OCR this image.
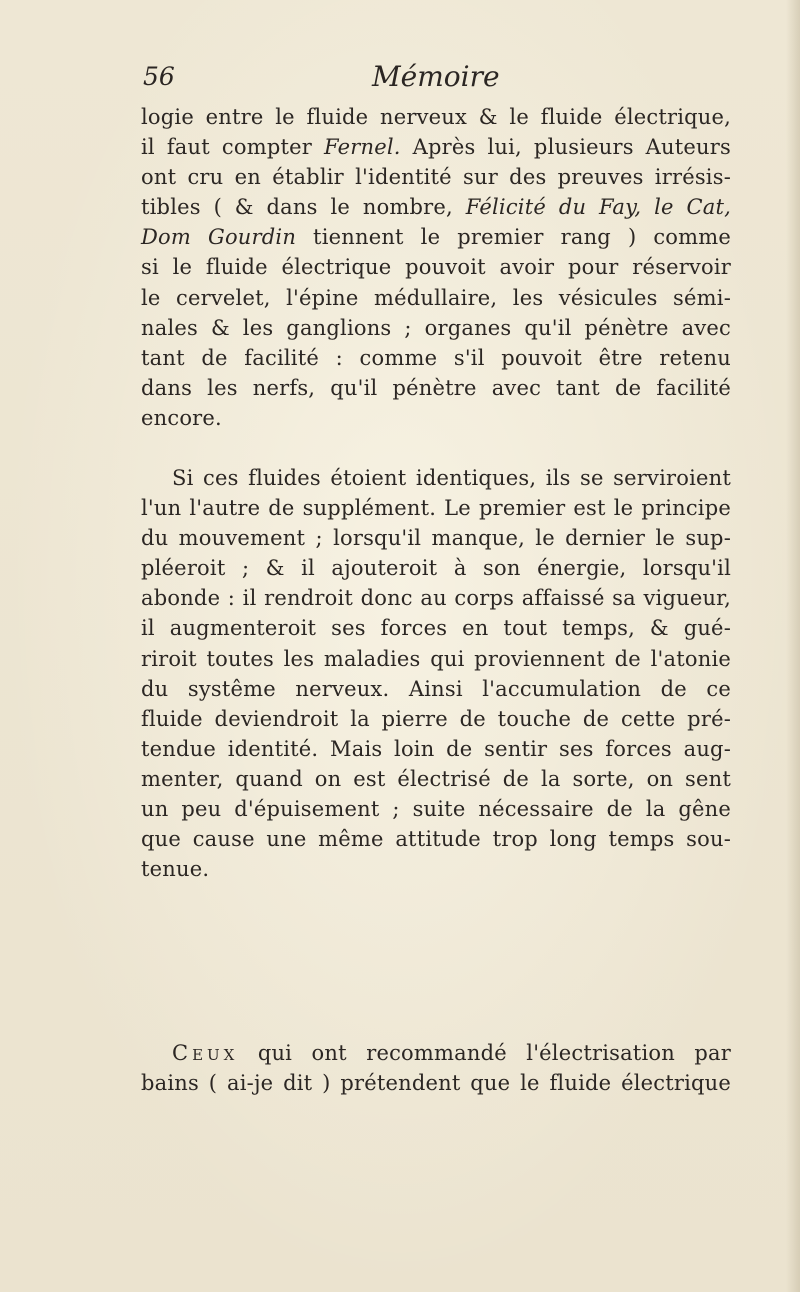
56	Mémoire
logie entre le fluide nerveux & le fluide électrique,
il faut compter Fernel. Après lui, plusieurs Auteurs
ont cru en établir l'identité sur des preuves irrésis-
tibles ( & dans le nombre, Félicité du Fay, le Cat,
Dom Gourdin tiennent le premier rang ) comme
si le fluide électrique pouvoit avoir pour réservoir
le cervelet, l'épine médullaire, les vésicules sémi-
nales & les ganglions ; organes qu'il pénètre avec
tant de facilité : comme s'il pouvoit être retenu
dans les nerfs, qu'il pénètre avec tant de facilité
encore.
Si ces fluides étoient identiques, ils se serviroient
l'un l'autre de supplément. Le premier est le principe
du mouvement ; lorsqu'il manque, le dernier le sup-
pléeroit ; & il ajouteroit à son énergie, lorsqu'il
abonde : il rendroit donc au corps affaissé sa vigueur,
il augmenteroit ses forces en tout temps, & gué-
riroit toutes les maladies qui proviennent de l'atonie
du systême nerveux. Ainsi l'accumulation de ce
fluide deviendroit la pierre de touche de cette pré-
tendue identité. Mais loin de sentir ses forces aug-
menter, quand on est électrisé de la sorte, on sent
un peu d'épuisement ; suite nécessaire de la gêne
que cause une même attitude trop long temps sou-
tenue.
Ceux qui ont recommandé l'électrisation par
bains ( ai-je dit ) prétendent que le fluide électrique
